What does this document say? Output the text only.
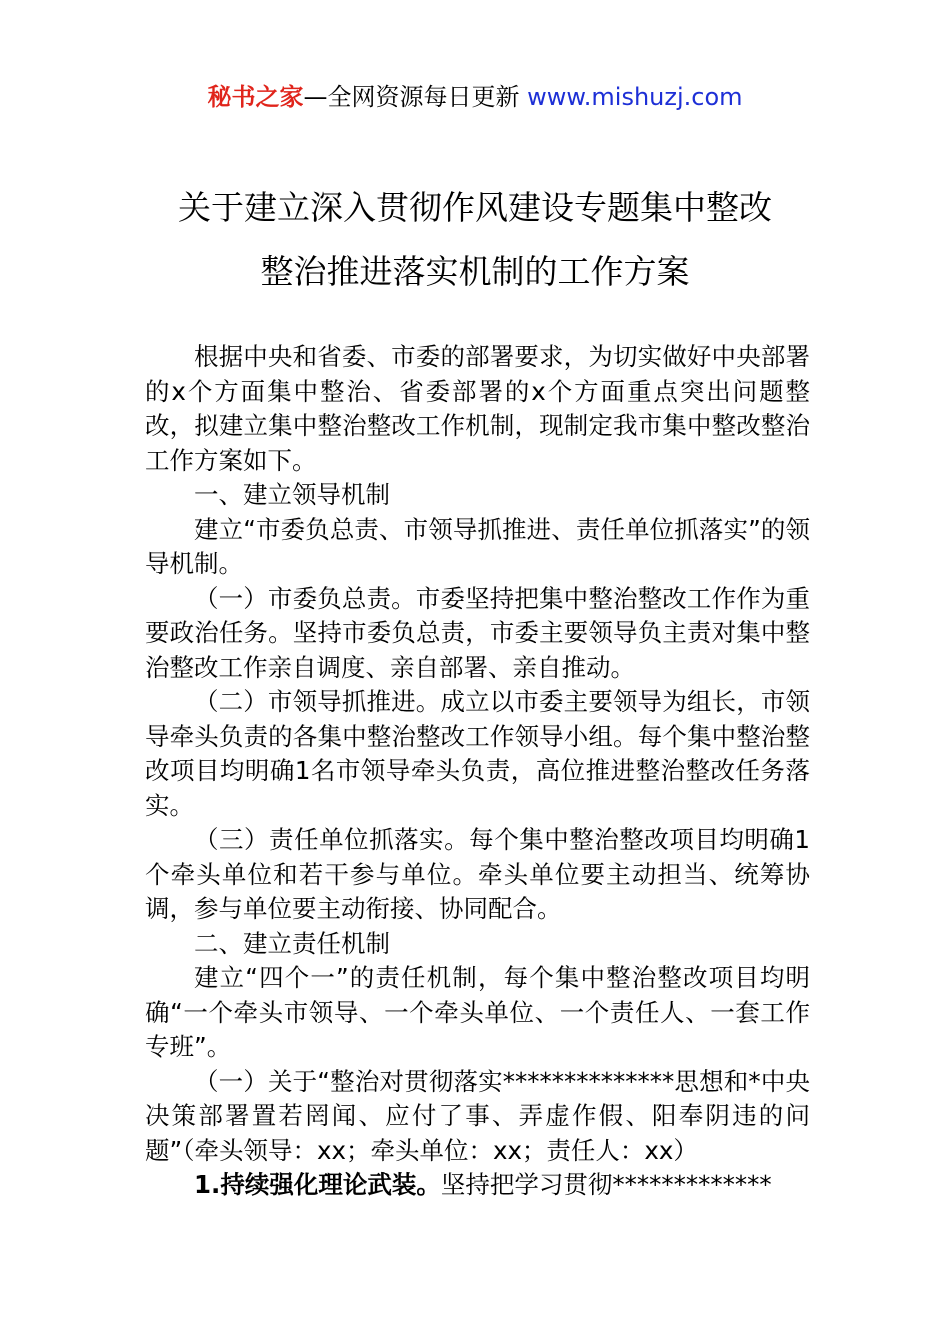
秘书之家—全网资源每日更新 www.mishuzj.com
关于建立深入贯彻作风建设专题集中整改
整治推进落实机制的工作方案

根据中央和省委、市委的部署要求，为切实做好中央部署的x个方面集中整治、省委部署的x个方面重点突出问题整改，拟建立集中整治整改工作机制，现制定我市集中整改整治工作方案如下。

一、建立领导机制

建立“市委负总责、市领导抓推进、责任单位抓落实”的领导机制。

（一）市委负总责。市委坚持把集中整治整改工作作为重要政治任务。坚持市委负总责，市委主要领导负主责对集中整治整改工作亲自调度、亲自部署、亲自推动。

（二）市领导抓推进。成立以市委主要领导为组长，市领导牵头负责的各集中整治整改工作领导小组。每个集中整治整改项目均明确1名市领导牵头负责，高位推进整治整改任务落实。

（三）责任单位抓落实。每个集中整治整改项目均明确1个牵头单位和若干参与单位。牵头单位要主动担当、统筹协调，参与单位要主动衔接、协同配合。

二、建立责任机制

建立“四个一”的责任机制，每个集中整治整改项目均明确“一个牵头市领导、一个牵头单位、一个责任人、一套工作专班”。

（一）关于“整治对贯彻落实**************思想和*中央决策部署置若罔闻、应付了事、弄虚作假、阳奉阴违的问题”（牵头领导：xx；牵头单位：xx；责任人：xx）

1.持续强化理论武装。坚持把学习贯彻*************
